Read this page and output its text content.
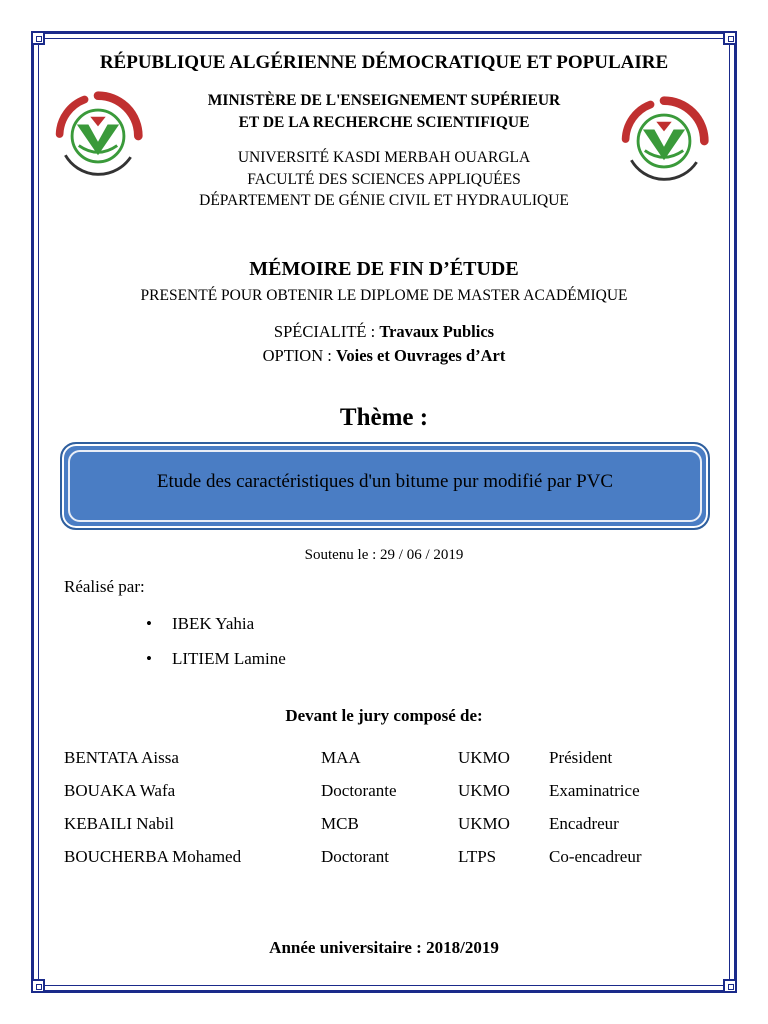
RÉPUBLIQUE ALGÉRIENNE DÉMOCRATIQUE ET POPULAIRE
MINISTÈRE DE L'ENSEIGNEMENT SUPÉRIEUR
ET DE LA RECHERCHE SCIENTIFIQUE
UNIVERSITÉ KASDI MERBAH OUARGLA
FACULTÉ DES SCIENCES APPLIQUÉES
DÉPARTEMENT DE GÉNIE CIVIL ET HYDRAULIQUE
MÉMOIRE DE FIN D’ÉTUDE
PRESENTÉ POUR OBTENIR LE DIPLOME DE MASTER ACADÉMIQUE
SPÉCIALITÉ : Travaux Publics
OPTION : Voies et Ouvrages d’Art
Thème :
Etude des caractéristiques d'un bitume pur modifié par PVC
Soutenu le : 29 / 06 / 2019
Réalisé par:
• IBEK Yahia
• LITIEM Lamine
Devant le jury composé de:
BENTATA Aissa	MAA	UKMO Président
BOUAKA Wafa	Doctorante	UKMO Examinatrice
KEBAILI Nabil	MCB	UKMO Encadreur
BOUCHERBA Mohamed	Doctorant	LTPS	Co-encadreur
Année universitaire : 2018/2019
